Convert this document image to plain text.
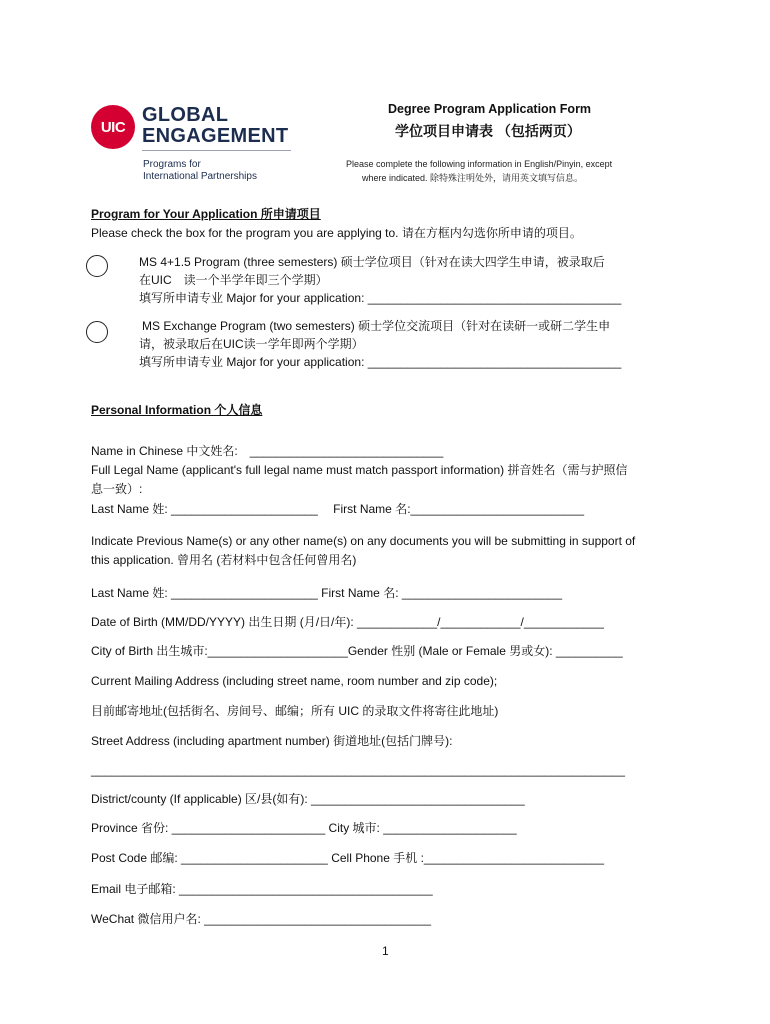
UIC
GLOBAL
ENGAGEMENT
Programs for
International Partnerships
Degree Program Application Form
学位项目申请表 （包括两页）
Please complete the following information in English/Pinyin, except
where indicated. 除特殊注明处外，请用英文填写信息。
Program for Your Application 所申请项目
Please check the box for the program you are applying to. 请在方框内勾选你所申请的项目。
MS 4+1.5 Program (three semesters) 硕士学位项目（针对在读大四学生申请，被录取后
在UIC　读一个半学年即三个学期）
填写所申请专业 Major for your application: ______________________________________
MS Exchange Program (two semesters) 硕士学位交流项目（针对在读研一或研二学生申
请，被录取后在UIC读一学年即两个学期）
填写所申请专业 Major for your application: ______________________________________
Personal Information 个人信息
Name in Chinese 中文姓名:　_____________________________
Full Legal Name (applicant's full legal name must match passport information) 拼音姓名（需与护照信
息一致）:
Last Name 姓: ______________________　 First Name 名:__________________________
Indicate Previous Name(s) or any other name(s) on any documents you will be submitting in support of
this application. 曾用名 (若材料中包含任何曾用名)
Last Name 姓: ______________________ First Name 名: ________________________
Date of Birth (MM/DD/YYYY) 出生日期 (月/日/年): ____________/____________/____________
City of Birth 出生城市:_____________________Gender 性别 (Male or Female 男或女): __________
Current Mailing Address (including street name, room number and zip code);
目前邮寄地址(包括街名、房间号、邮编；所有 UIC 的录取文件将寄往此地址)
Street Address (including apartment number) 街道地址(包括门牌号):
________________________________________________________________________________
District/county (If applicable) 区/县(如有): ________________________________
Province 省份: _______________________ City 城市: ____________________
Post Code 邮编: ______________________ Cell Phone 手机 :___________________________
Email 电子邮箱: ______________________________________
WeChat 微信用户名: __________________________________
1
